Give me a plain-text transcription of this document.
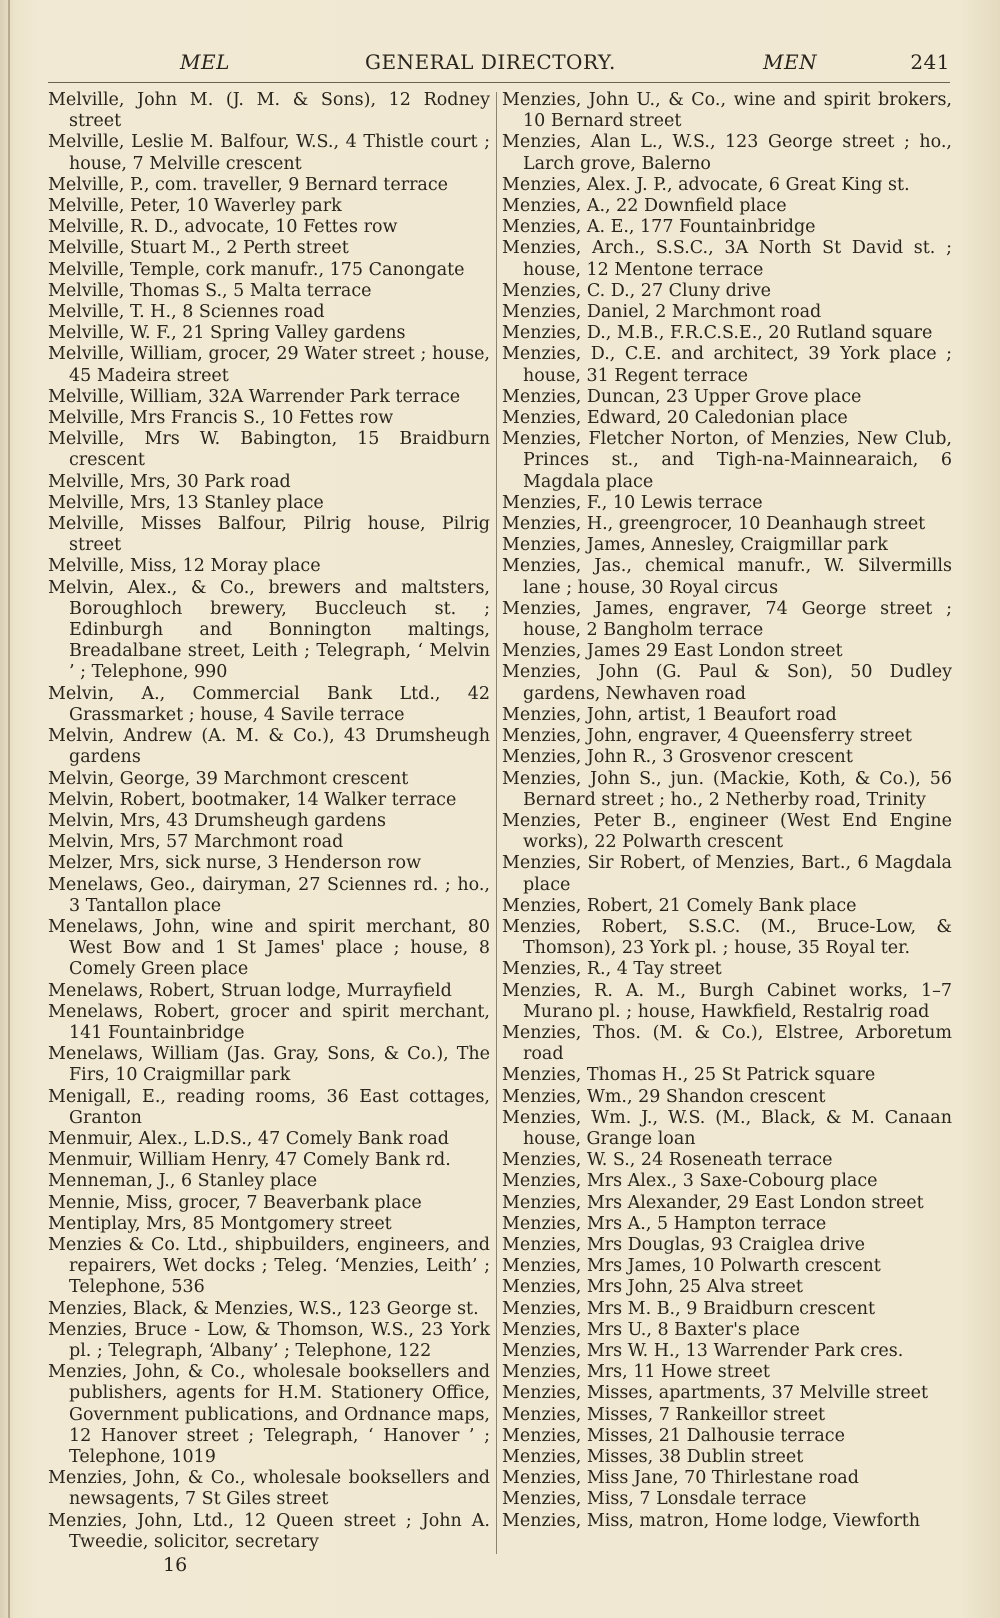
MEL	GENERAL DIRECTORY.	MEN	241

Melville, John M. (J. M. & Sons), 12 Rodney street

Melville, Leslie M. Balfour, W.S., 4 Thistle court ; house, 7 Melville crescent

Melville, P., com. traveller, 9 Bernard terrace

Melville, Peter, 10 Waverley park

Melville, R. D., advocate, 10 Fettes row

Melville, Stuart M., 2 Perth street

Melville, Temple, cork manufr., 175 Canongate

Melville, Thomas S., 5 Malta terrace

Melville, T. H., 8 Sciennes road

Melville, W. F., 21 Spring Valley gardens

Melville, William, grocer, 29 Water street ; house, 45 Madeira street

Melville, William, 32A Warrender Park terrace

Melville, Mrs Francis S., 10 Fettes row

Melville, Mrs W. Babington, 15 Braidburn crescent

Melville, Mrs, 30 Park road

Melville, Mrs, 13 Stanley place

Melville, Misses Balfour, Pilrig house, Pilrig street

Melville, Miss, 12 Moray place

Melvin, Alex., & Co., brewers and maltsters, Boroughloch brewery, Buccleuch st. ; Edinburgh and Bonnington maltings, Breadalbane street, Leith ; Telegraph, ‘ Melvin ’ ; Telephone, 990

Melvin, A., Commercial Bank Ltd., 42 Grassmarket ; house, 4 Savile terrace

Melvin, Andrew (A. M. & Co.), 43 Drumsheugh gardens

Melvin, George, 39 Marchmont crescent

Melvin, Robert, bootmaker, 14 Walker terrace

Melvin, Mrs, 43 Drumsheugh gardens

Melvin, Mrs, 57 Marchmont road

Melzer, Mrs, sick nurse, 3 Henderson row

Menelaws, Geo., dairyman, 27 Sciennes rd. ; ho., 3 Tantallon place

Menelaws, John, wine and spirit merchant, 80 West Bow and 1 St James' place ; house, 8 Comely Green place

Menelaws, Robert, Struan lodge, Murrayfield

Menelaws, Robert, grocer and spirit merchant, 141 Fountainbridge

Menelaws, William (Jas. Gray, Sons, & Co.), The Firs, 10 Craigmillar park

Menigall, E., reading rooms, 36 East cottages, Granton

Menmuir, Alex., L.D.S., 47 Comely Bank road

Menmuir, William Henry, 47 Comely Bank rd.

Menneman, J., 6 Stanley place

Mennie, Miss, grocer, 7 Beaverbank place

Mentiplay, Mrs, 85 Montgomery street

Menzies & Co. Ltd., shipbuilders, engineers, and repairers, Wet docks ; Teleg. ‘Menzies, Leith’ ; Telephone, 536

Menzies, Black, & Menzies, W.S., 123 George st.

Menzies, Bruce - Low, & Thomson, W.S., 23 York pl. ; Telegraph, ‘Albany’ ; Telephone, 122

Menzies, John, & Co., wholesale booksellers and publishers, agents for H.M. Stationery Office, Government publications, and Ordnance maps, 12 Hanover street ; Telegraph, ‘ Hanover ’ ; Telephone, 1019

Menzies, John, & Co., wholesale booksellers and newsagents, 7 St Giles street

Menzies, John, Ltd., 12 Queen street ; John A. Tweedie, solicitor, secretary

Menzies, John U., & Co., wine and spirit brokers, 10 Bernard street

Menzies, Alan L., W.S., 123 George street ; ho., Larch grove, Balerno

Menzies, Alex. J. P., advocate, 6 Great King st.

Menzies, A., 22 Downfield place

Menzies, A. E., 177 Fountainbridge

Menzies, Arch., S.S.C., 3A North St David st. ; house, 12 Mentone terrace

Menzies, C. D., 27 Cluny drive

Menzies, Daniel, 2 Marchmont road

Menzies, D., M.B., F.R.C.S.E., 20 Rutland square

Menzies, D., C.E. and architect, 39 York place ; house, 31 Regent terrace

Menzies, Duncan, 23 Upper Grove place

Menzies, Edward, 20 Caledonian place

Menzies, Fletcher Norton, of Menzies, New Club, Princes st., and Tigh-na-Mainnearaich, 6 Magdala place

Menzies, F., 10 Lewis terrace

Menzies, H., greengrocer, 10 Deanhaugh street

Menzies, James, Annesley, Craigmillar park

Menzies, Jas., chemical manufr., W. Silvermills lane ; house, 30 Royal circus

Menzies, James, engraver, 74 George street ; house, 2 Bangholm terrace

Menzies, James 29 East London street

Menzies, John (G. Paul & Son), 50 Dudley gardens, Newhaven road

Menzies, John, artist, 1 Beaufort road

Menzies, John, engraver, 4 Queensferry street

Menzies, John R., 3 Grosvenor crescent

Menzies, John S., jun. (Mackie, Koth, & Co.), 56 Bernard street ; ho., 2 Netherby road, Trinity

Menzies, Peter B., engineer (West End Engine works), 22 Polwarth crescent

Menzies, Sir Robert, of Menzies, Bart., 6 Magdala place

Menzies, Robert, 21 Comely Bank place

Menzies, Robert, S.S.C. (M., Bruce-Low, & Thomson), 23 York pl. ; house, 35 Royal ter.

Menzies, R., 4 Tay street

Menzies, R. A. M., Burgh Cabinet works, 1–7 Murano pl. ; house, Hawkfield, Restalrig road

Menzies, Thos. (M. & Co.), Elstree, Arboretum road

Menzies, Thomas H., 25 St Patrick square

Menzies, Wm., 29 Shandon crescent

Menzies, Wm. J., W.S. (M., Black, & M. Canaan house, Grange loan

Menzies, W. S., 24 Roseneath terrace

Menzies, Mrs Alex., 3 Saxe-Cobourg place

Menzies, Mrs Alexander, 29 East London street

Menzies, Mrs A., 5 Hampton terrace

Menzies, Mrs Douglas, 93 Craiglea drive

Menzies, Mrs James, 10 Polwarth crescent

Menzies, Mrs John, 25 Alva street

Menzies, Mrs M. B., 9 Braidburn crescent

Menzies, Mrs U., 8 Baxter's place

Menzies, Mrs W. H., 13 Warrender Park cres.

Menzies, Mrs, 11 Howe street

Menzies, Misses, apartments, 37 Melville street

Menzies, Misses, 7 Rankeillor street

Menzies, Misses, 21 Dalhousie terrace

Menzies, Misses, 38 Dublin street

Menzies, Miss Jane, 70 Thirlestane road

Menzies, Miss, 7 Lonsdale terrace

Menzies, Miss, matron, Home lodge, Viewforth

16
